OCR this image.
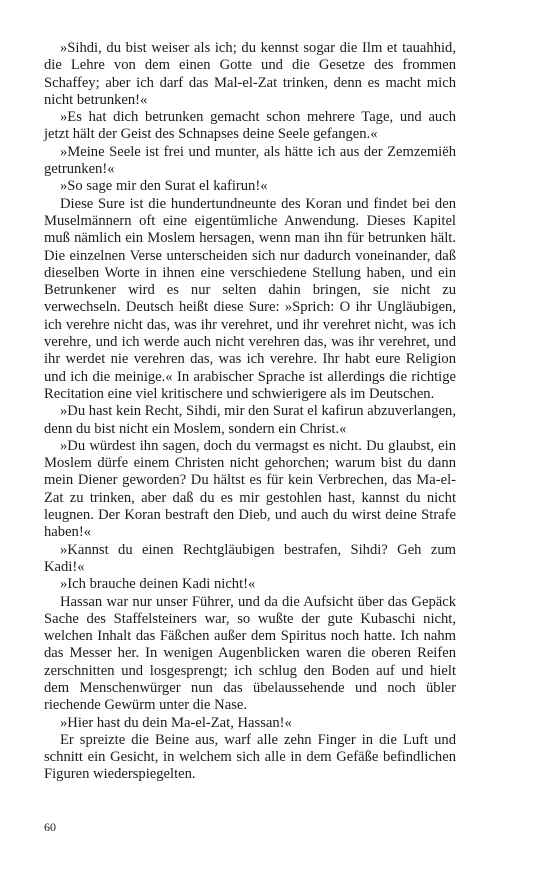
»Sihdi, du bist weiser als ich; du kennst sogar die Ilm et tauahhid, die Lehre von dem einen Gotte und die Gesetze des frommen Schaffey; aber ich darf das Mal-el-Zat trinken, denn es macht mich nicht betrunken!«

»Es hat dich betrunken gemacht schon mehrere Tage, und auch jetzt hält der Geist des Schnapses deine Seele gefangen.«

»Meine Seele ist frei und munter, als hätte ich aus der Zemzemiëh getrunken!«

»So sage mir den Surat el kafirun!«

Diese Sure ist die hundertundneunte des Koran und findet bei den Muselmännern oft eine eigentümliche Anwendung. Dieses Kapitel muß nämlich ein Moslem hersagen, wenn man ihn für betrunken hält. Die einzelnen Verse unterscheiden sich nur dadurch voneinander, daß dieselben Worte in ihnen eine verschiedene Stellung haben, und ein Betrunkener wird es nur selten dahin bringen, sie nicht zu verwechseln. Deutsch heißt diese Sure: »Sprich: O ihr Ungläubigen, ich verehre nicht das, was ihr verehret, und ihr verehret nicht, was ich verehre, und ich werde auch nicht verehren das, was ihr verehret, und ihr werdet nie verehren das, was ich verehre. Ihr habt eure Religion und ich die meinige.« In arabischer Sprache ist allerdings die richtige Recitation eine viel kritischere und schwierigere als im Deutschen.

»Du hast kein Recht, Sihdi, mir den Surat el kafirun abzuverlangen, denn du bist nicht ein Moslem, sondern ein Christ.«

»Du würdest ihn sagen, doch du vermagst es nicht. Du glaubst, ein Moslem dürfe einem Christen nicht gehorchen; warum bist du dann mein Diener geworden? Du hältst es für kein Verbrechen, das Ma-el-Zat zu trinken, aber daß du es mir gestohlen hast, kannst du nicht leugnen. Der Koran bestraft den Dieb, und auch du wirst deine Strafe haben!«

»Kannst du einen Rechtgläubigen bestrafen, Sihdi? Geh zum Kadi!«

»Ich brauche deinen Kadi nicht!«

Hassan war nur unser Führer, und da die Aufsicht über das Gepäck Sache des Staffelsteiners war, so wußte der gute Kubaschi nicht, welchen Inhalt das Fäßchen außer dem Spiritus noch hatte. Ich nahm das Messer her. In wenigen Augenblicken waren die oberen Reifen zerschnitten und losgesprengt; ich schlug den Boden auf und hielt dem Menschenwürger nun das übelaussehende und noch übler riechende Gewürm unter die Nase.

»Hier hast du dein Ma-el-Zat, Hassan!«

Er spreizte die Beine aus, warf alle zehn Finger in die Luft und schnitt ein Gesicht, in welchem sich alle in dem Gefäße befindlichen Figuren wiederspiegelten.

60
